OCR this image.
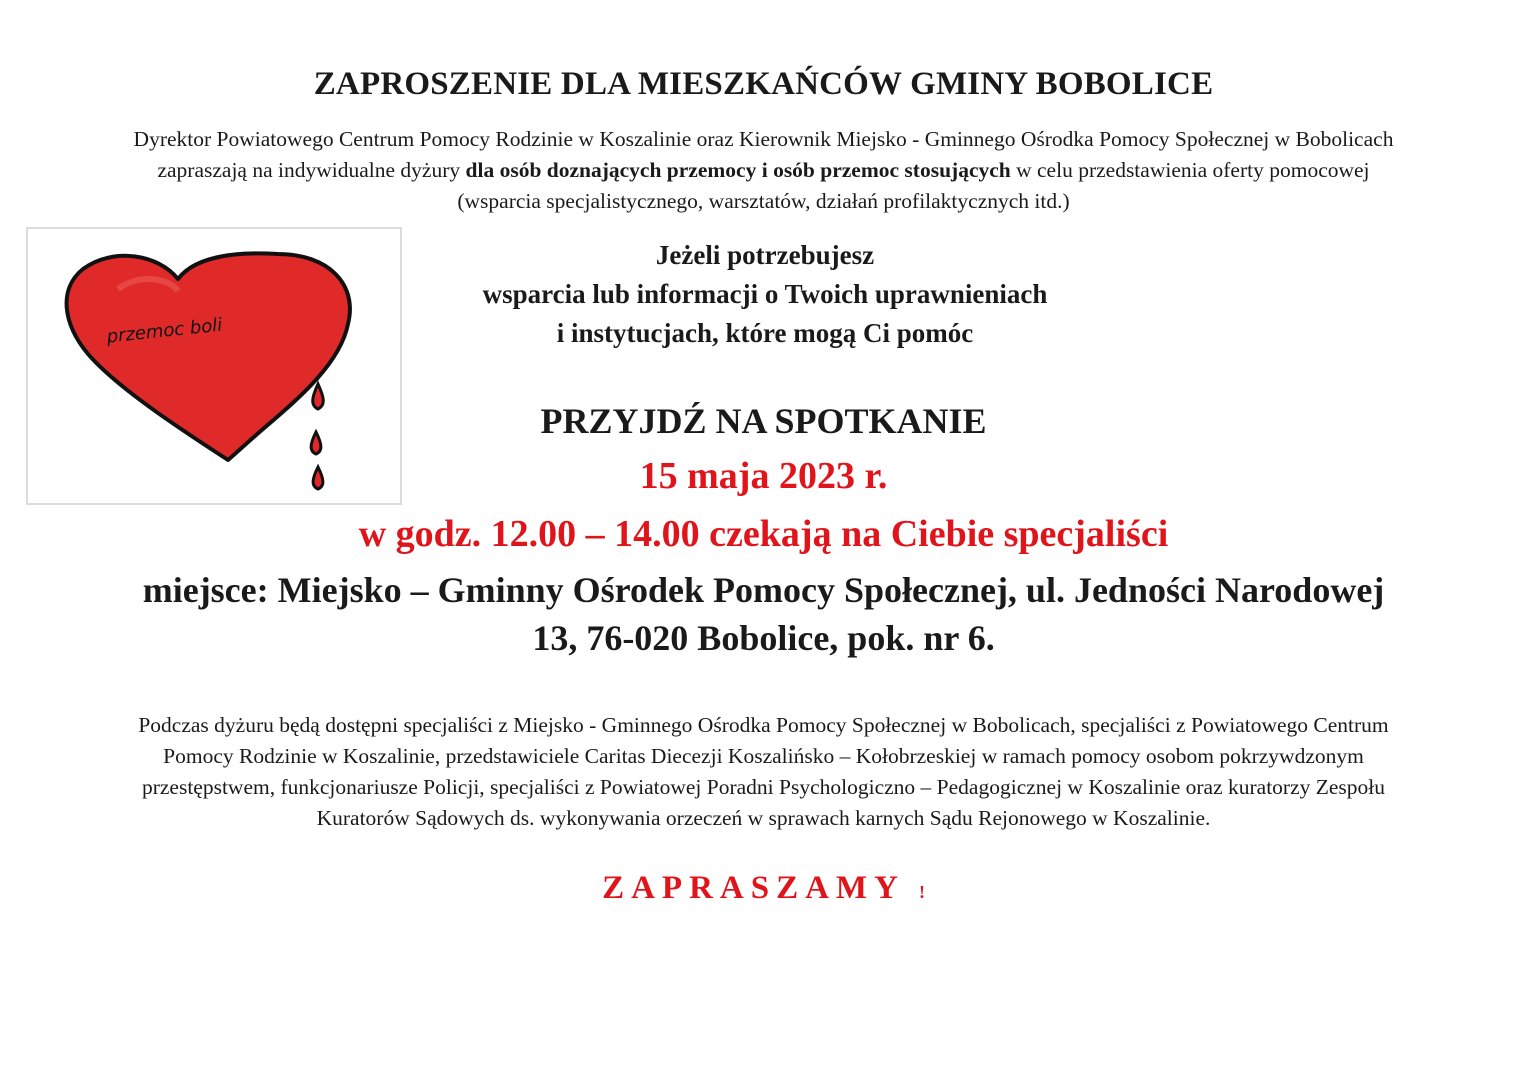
ZAPROSZENIE DLA MIESZKAŃCÓW GMINY BOBOLICE
Dyrektor Powiatowego Centrum Pomocy Rodzinie w Koszalinie oraz Kierownik Miejsko - Gminnego Ośrodka Pomocy Społecznej w Bobolicach zapraszają na indywidualne dyżury dla osób doznających przemocy i osób przemoc stosujących w celu przedstawienia oferty pomocowej (wsparcia specjalistycznego, warsztatów, działań profilaktycznych itd.)
przemoc boli
Jeżeli potrzebujesz
wsparcia lub informacji o Twoich uprawnieniach
i instytucjach, które mogą Ci pomóc
PRZYJDŹ NA SPOTKANIE
15 maja 2023 r.
w godz. 12.00 – 14.00 czekają na Ciebie specjaliści
miejsce: Miejsko – Gminny Ośrodek Pomocy Społecznej, ul. Jedności Narodowej 13, 76-020 Bobolice, pok. nr 6.
Podczas dyżuru będą dostępni specjaliści z Miejsko - Gminnego Ośrodka Pomocy Społecznej w Bobolicach, specjaliści z Powiatowego Centrum Pomocy Rodzinie w Koszalinie, przedstawiciele Caritas Diecezji Koszalińsko – Kołobrzeskiej w ramach pomocy osobom pokrzywdzonym przestępstwem, funkcjonariusze Policji, specjaliści z Powiatowej Poradni Psychologiczno – Pedagogicznej w Koszalinie oraz kuratorzy Zespołu Kuratorów Sądowych ds. wykonywania orzeczeń w sprawach karnych Sądu Rejonowego w Koszalinie.
ZAPRASZAMY !
